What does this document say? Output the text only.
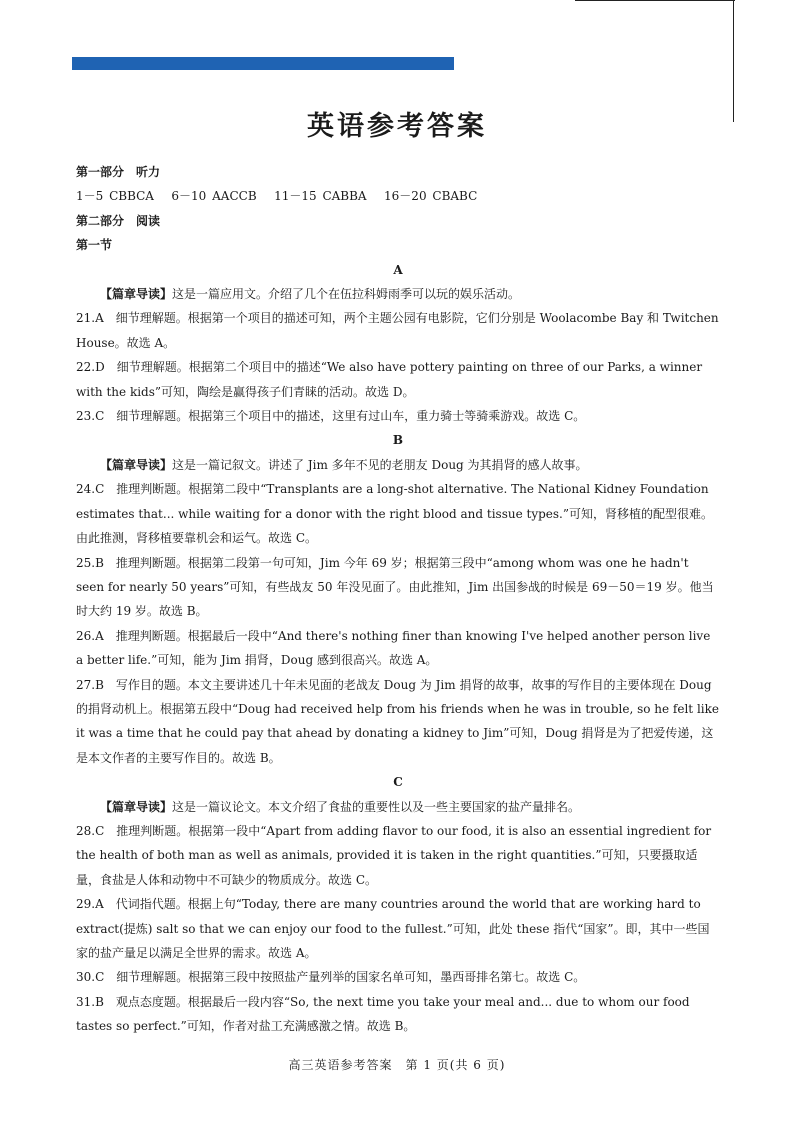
英语参考答案
第一部分 听力
1－5 CBBCA   6－10 AACCB   11－15 CABBA   16－20 CBABC
第二部分 阅读
第一节
A
【篇章导读】这是一篇应用文。介绍了几个在伍拉科姆雨季可以玩的娱乐活动。
21.A 细节理解题。根据第一个项目的描述可知，两个主题公园有电影院，它们分别是 Woolacombe Bay 和 Twitchen House。故选 A。
22.D 细节理解题。根据第二个项目中的描述“We also have pottery painting on three of our Parks, a winner with the kids”可知，陶绘是赢得孩子们青睐的活动。故选 D。
23.C 细节理解题。根据第三个项目中的描述，这里有过山车，重力骑士等骑乘游戏。故选 C。
B
【篇章导读】这是一篇记叙文。讲述了 Jim 多年不见的老朋友 Doug 为其捐肾的感人故事。
24.C 推理判断题。根据第二段中“Transplants are a long-shot alternative. The National Kidney Foundation estimates that... while waiting for a donor with the right blood and tissue types.”可知，肾移植的配型很难。由此推测，肾移植要靠机会和运气。故选 C。
25.B 推理判断题。根据第二段第一句可知，Jim 今年 69 岁；根据第三段中“among whom was one he hadn't seen for nearly 50 years”可知，有些战友 50 年没见面了。由此推知，Jim 出国参战的时候是 69－50＝19 岁。他当时大约 19 岁。故选 B。
26.A 推理判断题。根据最后一段中“And there's nothing finer than knowing I've helped another person live a better life.”可知，能为 Jim 捐肾，Doug 感到很高兴。故选 A。
27.B 写作目的题。本文主要讲述几十年未见面的老战友 Doug 为 Jim 捐肾的故事，故事的写作目的主要体现在 Doug 的捐肾动机上。根据第五段中“Doug had received help from his friends when he was in trouble, so he felt like it was a time that he could pay that ahead by donating a kidney to Jim”可知，Doug 捐肾是为了把爱传递，这是本文作者的主要写作目的。故选 B。
C
【篇章导读】这是一篇议论文。本文介绍了食盐的重要性以及一些主要国家的盐产量排名。
28.C 推理判断题。根据第一段中“Apart from adding flavor to our food, it is also an essential ingredient for the health of both man as well as animals, provided it is taken in the right quantities.”可知，只要摄取适量，食盐是人体和动物中不可缺少的物质成分。故选 C。
29.A 代词指代题。根据上句“Today, there are many countries around the world that are working hard to extract(提炼) salt so that we can enjoy our food to the fullest.”可知，此处 these 指代“国家”。即，其中一些国家的盐产量足以满足全世界的需求。故选 A。
30.C 细节理解题。根据第三段中按照盐产量列举的国家名单可知，墨西哥排名第七。故选 C。
31.B 观点态度题。根据最后一段内容“So, the next time you take your meal and... due to whom our food tastes so perfect.”可知，作者对盐工充满感激之情。故选 B。
高三英语参考答案　第 1 页(共 6 页)
